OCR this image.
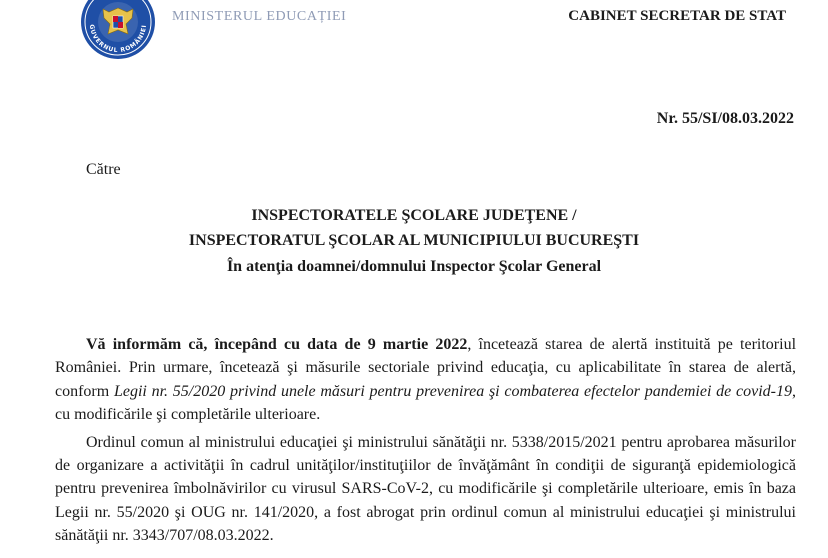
GUVERNUL ROMÂNIEI
MINISTERUL EDUCAȚIEI	CABINET SECRETAR DE STAT
Nr. 55/SI/08.03.2022
Către
INSPECTORATELE ŞCOLARE JUDEŢENE /
INSPECTORATUL ŞCOLAR AL MUNICIPIULUI BUCUREŞTI
În atenţia doamnei/domnului Inspector Şcolar General

Vă informăm că, începând cu data de 9 martie 2022, încetează starea de alertă instituită pe teritoriul României. Prin urmare, încetează şi măsurile sectoriale privind educaţia, cu aplicabilitate în starea de alertă, conform Legii nr. 55/2020 privind unele măsuri pentru prevenirea şi combaterea efectelor pandemiei de covid-19, cu modificările şi completările ulterioare.

Ordinul comun al ministrului educaţiei şi ministrului sănătăţii nr. 5338/2015/2021 pentru aprobarea măsurilor de organizare a activităţii în cadrul unităţilor/instituţiilor de învăţământ în condiţii de siguranţă epidemiologică pentru prevenirea îmbolnăvirilor cu virusul SARS-CoV-2, cu modificările şi completările ulterioare, emis în baza Legii nr. 55/2020 şi OUG nr. 141/2020, a fost abrogat prin ordinul comun al ministrului educaţiei şi ministrului sănătăţii nr. 3343/707/08.03.2022.
